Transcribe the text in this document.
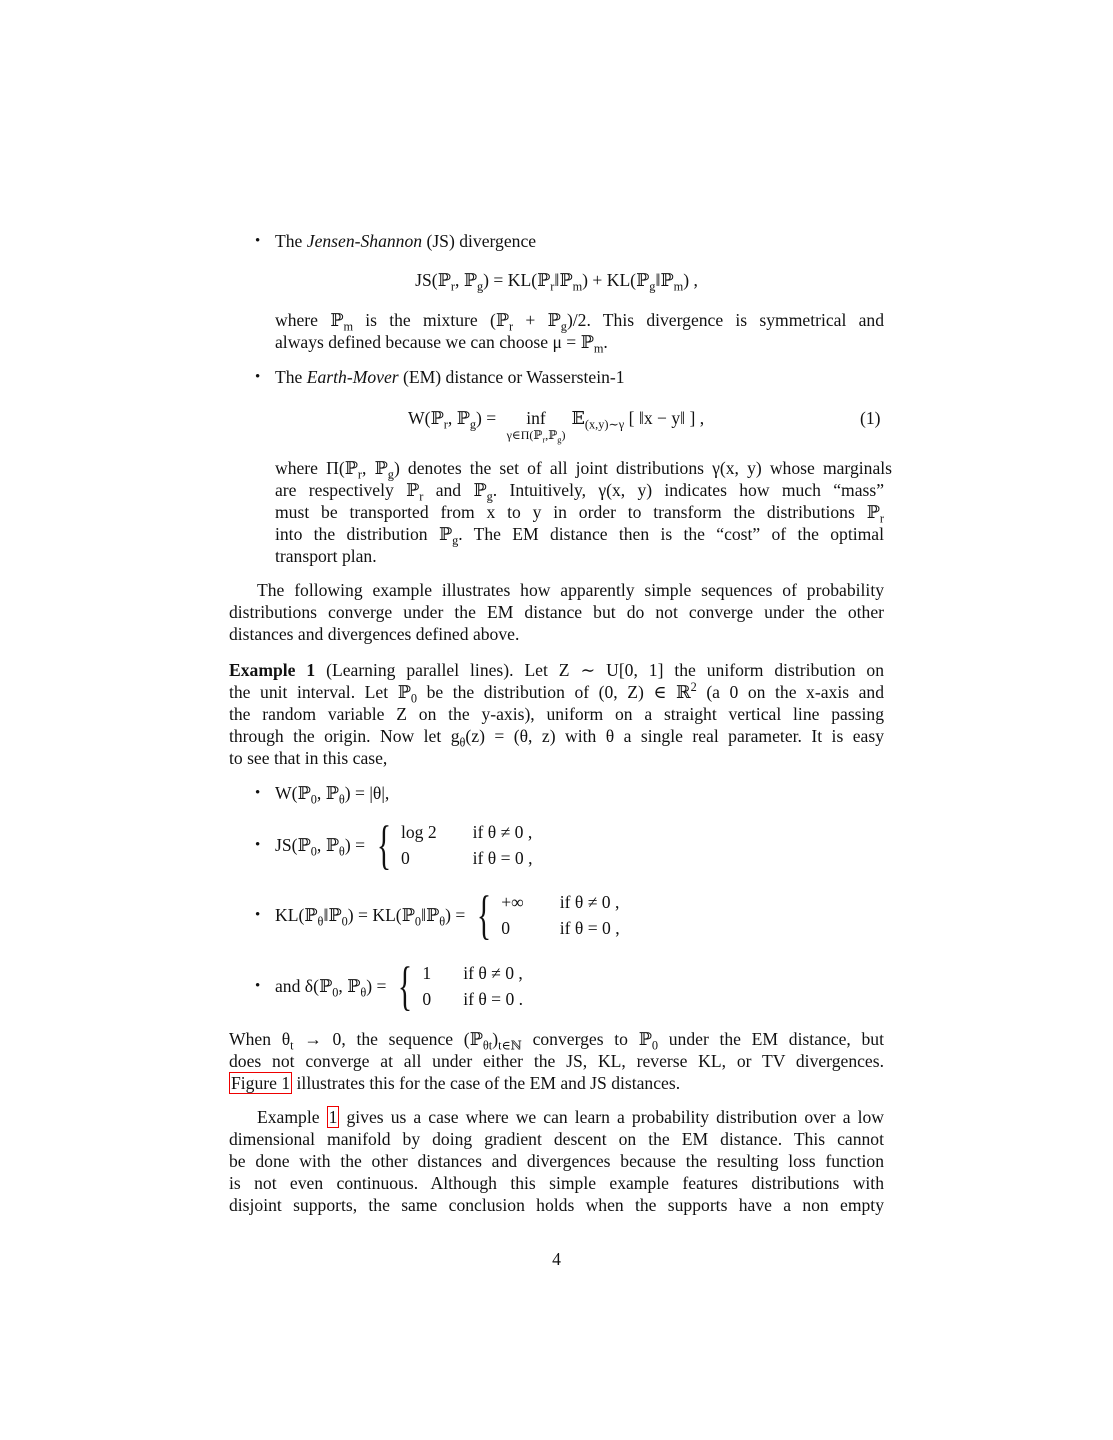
• The Jensen-Shannon (JS) divergence
JS(ℙ$_r$, ℙ$_g$) = KL(ℙ$_r$‖ℙ$_m$) + KL(ℙ$_g$‖ℙ$_m$) ,
where ℙ$_m$ is the mixture (ℙ$_r$ + ℙ$_g$)/2. This divergence is symmetrical and
always defined because we can choose μ = ℙ$_m$.
• The Earth-Mover (EM) distance or Wasserstein-1
W(ℙ$_r$, ℙ$_g$) = inf
γ∈Π(ℙ$_r$,ℙ$_g$)
𝔼$_{(x,y)\sim\gamma}$ [ ‖x − y‖ ] ,	(1)
where Π(ℙ$_r$, ℙ$_g$) denotes the set of all joint distributions γ(x, y) whose marginals
are respectively ℙ$_r$ and ℙ$_g$. Intuitively, γ(x, y) indicates how much “mass”
must be transported from x to y in order to transform the distributions ℙ$_r$
into the distribution ℙ$_g$. The EM distance then is the “cost” of the optimal
transport plan.
The following example illustrates how apparently simple sequences of probability
distributions converge under the EM distance but do not converge under the other
distances and divergences defined above.
Example 1 (Learning parallel lines). Let Z ∼ U[0, 1] the uniform distribution on
the unit interval. Let ℙ$_0$ be the distribution of (0, Z) ∈ ℝ$^2$ (a 0 on the x-axis and
the random variable Z on the y-axis), uniform on a straight vertical line passing
through the origin. Now let $g_\theta(z) = (\theta$, z) with θ a single real parameter. It is easy
to see that in this case,
• W(ℙ$_0$, ℙ$_\theta$) = |θ|,
• JS(ℙ$_0$, ℙ$_\theta$) = { log 2 if θ ≠ 0 ,
0	if θ = 0 ,
• KL(ℙ$_\theta$‖ℙ$_0$) = KL(ℙ$_0$‖ℙ$_\theta$) = { +∞ if θ ≠ 0 ,
0	if θ = 0 ,
• and δ(ℙ$_0$, ℙ$_\theta$) = { 1 if θ ≠ 0 ,
0 if θ = 0 .
When $\theta_t \to 0$, the sequence $(ℙ_{\theta t})_{t\in ℕ}$ converges to ℙ$_0$ under the EM distance, but
does not converge at all under either the JS, KL, reverse KL, or TV divergences.
Figure 1 illustrates this for the case of the EM and JS distances.
Example 1 gives us a case where we can learn a probability distribution over a low
dimensional manifold by doing gradient descent on the EM distance. This cannot
be done with the other distances and divergences because the resulting loss function
is not even continuous. Although this simple example features distributions with
disjoint supports, the same conclusion holds when the supports have a non empty
4
